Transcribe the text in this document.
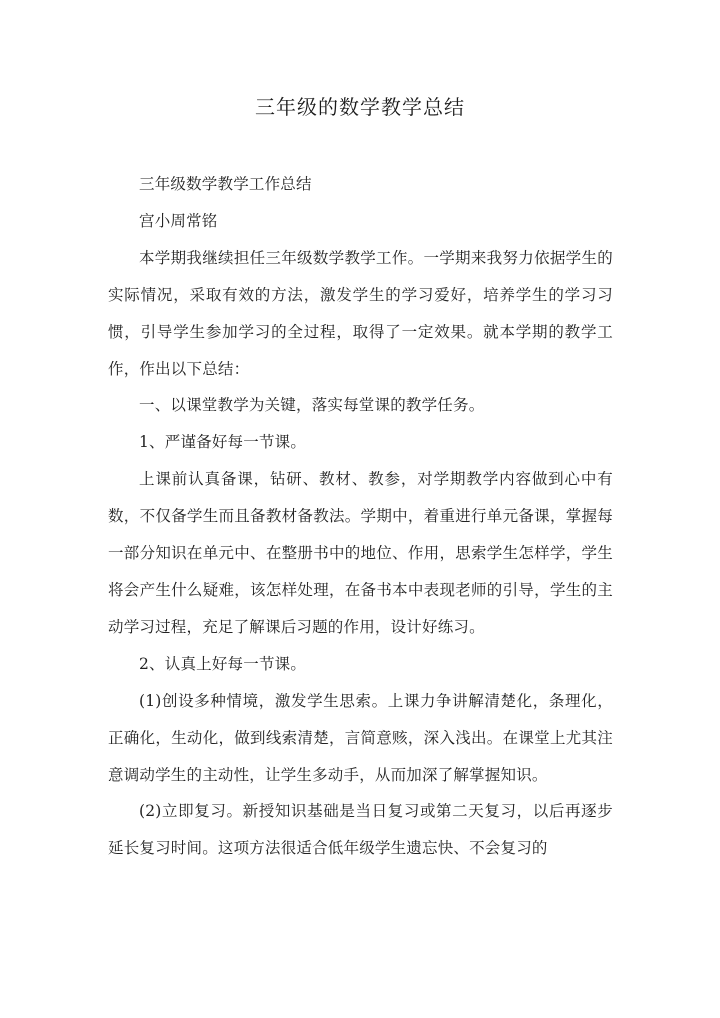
三年级的数学教学总结

三年级数学教学工作总结

宫小周常铭

本学期我继续担任三年级数学教学工作。一学期来我努力依据学生的实际情况，采取有效的方法，激发学生的学习爱好，培养学生的学习习惯，引导学生参加学习的全过程，取得了一定效果。就本学期的教学工作，作出以下总结：

一、以课堂教学为关键，落实每堂课的教学任务。

1、严谨备好每一节课。

上课前认真备课，钻研、教材、教参，对学期教学内容做到心中有数，不仅备学生而且备教材备教法。学期中，着重进行单元备课，掌握每一部分知识在单元中、在整册书中的地位、作用，思索学生怎样学，学生将会产生什么疑难，该怎样处理，在备书本中表现老师的引导，学生的主动学习过程，充足了解课后习题的作用，设计好练习。

2、认真上好每一节课。

(1)创设多种情境，激发学生思索。上课力争讲解清楚化，条理化，正确化，生动化，做到线索清楚，言简意赅，深入浅出。在课堂上尤其注意调动学生的主动性，让学生多动手，从而加深了解掌握知识。

(2)立即复习。新授知识基础是当日复习或第二天复习，以后再逐步延长复习时间。这项方法很适合低年级学生遗忘快、不会复习的
